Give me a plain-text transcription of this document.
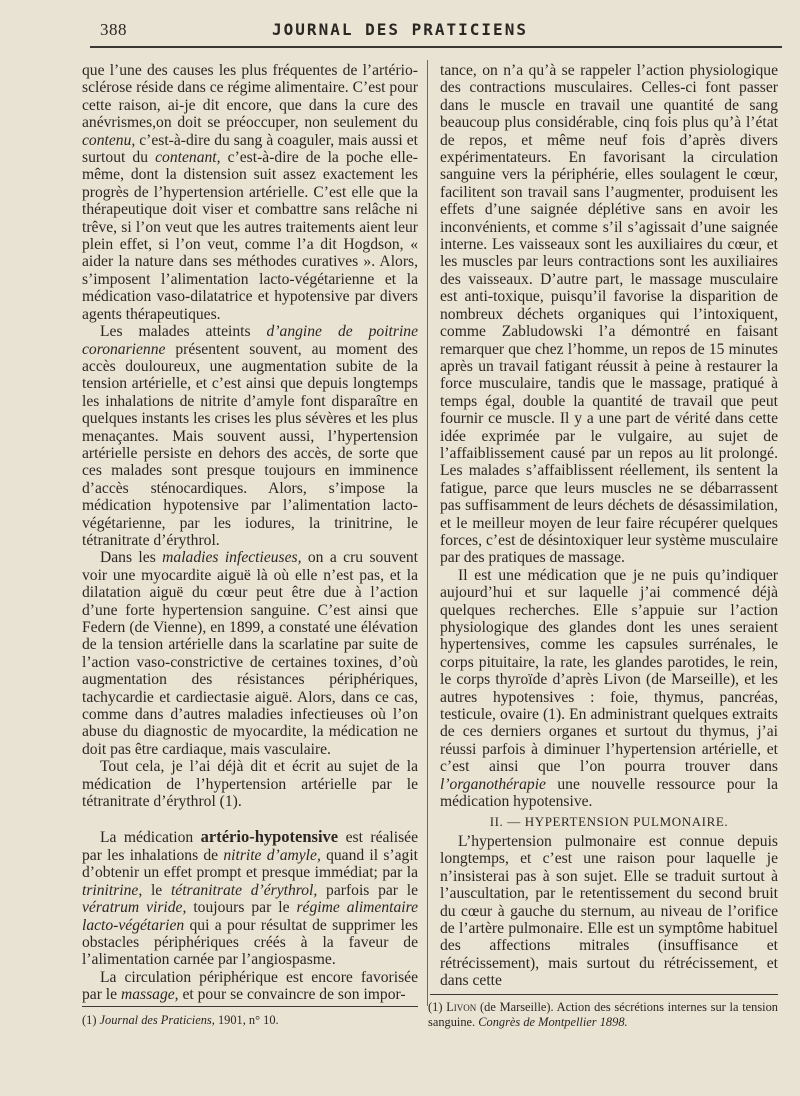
388	JOURNAL DES PRATICIENS

que l’une des causes les plus fréquentes de l’artério-sclérose réside dans ce régime alimentaire. C’est pour cette raison, ai-je dit encore, que dans la cure des anévrismes,on doit se préoccuper, non seulement du contenu, c’est-à-dire du sang à coaguler, mais aussi et surtout du contenant, c’est-à-dire de la poche elle-même, dont la distension suit assez exactement les progrès de l’hypertension artérielle. C’est elle que la thérapeutique doit viser et combattre sans relâche ni trêve, si l’on veut que les autres traitements aient leur plein effet, si l’on veut, comme l’a dit Hogdson, « aider la nature dans ses méthodes curatives ». Alors, s’imposent l’alimentation lacto-végétarienne et la médication vaso-dilatatrice et hypotensive par divers agents thérapeutiques.

Les malades atteints d’angine de poitrine coronarienne présentent souvent, au moment des accès douloureux, une augmentation subite de la tension artérielle, et c’est ainsi que depuis longtemps les inhalations de nitrite d’amyle font disparaître en quelques instants les crises les plus sévères et les plus menaçantes. Mais souvent aussi, l’hypertension artérielle persiste en dehors des accès, de sorte que ces malades sont presque toujours en imminence d’accès sténocardiques. Alors, s’impose la médication hypotensive par l’alimentation lacto-végétarienne, par les iodures, la trinitrine, le tétranitrate d’érythrol.

Dans les maladies infectieuses, on a cru souvent voir une myocardite aiguë là où elle n’est pas, et la dilatation aiguë du cœur peut être due à l’action d’une forte hypertension sanguine. C’est ainsi que Federn (de Vienne), en 1899, a constaté une élévation de la tension artérielle dans la scarlatine par suite de l’action vaso-constrictive de certaines toxines, d’où augmentation des résistances périphériques, tachycardie et cardiectasie aiguë. Alors, dans ce cas, comme dans d’autres maladies infectieuses où l’on abuse du diagnostic de myocardite, la médication ne doit pas être cardiaque, mais vasculaire.

Tout cela, je l’ai déjà dit et écrit au sujet de la médication de l’hypertension artérielle par le tétranitrate d’érythrol (1).

La médication artério-hypotensive est réalisée par les inhalations de nitrite d’amyle, quand il s’agit d’obtenir un effet prompt et presque immédiat; par la trinitrine, le tétranitrate d’érythrol, parfois par le vératrum viride, toujours par le régime alimentaire lacto-végétarien qui a pour résultat de supprimer les obstacles périphériques créés à la faveur de l’alimentation carnée par l’angiospasme.

La circulation périphérique est encore favorisée par le massage, et pour se convaincre de son impor-

tance, on n’a qu’à se rappeler l’action physiologique des contractions musculaires. Celles-ci font passer dans le muscle en travail une quantité de sang beaucoup plus considérable, cinq fois plus qu’à l’état de repos, et même neuf fois d’après divers expérimentateurs. En favorisant la circulation sanguine vers la périphérie, elles soulagent le cœur, facilitent son travail sans l’augmenter, produisent les effets d’une saignée déplétive sans en avoir les inconvénients, et comme s’il s’agissait d’une saignée interne. Les vaisseaux sont les auxiliaires du cœur, et les muscles par leurs contractions sont les auxiliaires des vaisseaux. D’autre part, le massage musculaire est anti-toxique, puisqu’il favorise la disparition de nombreux déchets organiques qui l’intoxiquent, comme Zabludowski l’a démontré en faisant remarquer que chez l’homme, un repos de 15 minutes après un travail fatigant réussit à peine à restaurer la force musculaire, tandis que le massage, pratiqué à temps égal, double la quantité de travail que peut fournir ce muscle. Il y a une part de vérité dans cette idée exprimée par le vulgaire, au sujet de l’affaiblissement causé par un repos au lit prolongé. Les malades s’affaiblissent réellement, ils sentent la fatigue, parce que leurs muscles ne se débarrassent pas suffisamment de leurs déchets de désassimilation, et le meilleur moyen de leur faire récupérer quelques forces, c’est de désintoxiquer leur système musculaire par des pratiques de massage.

Il est une médication que je ne puis qu’indiquer aujourd’hui et sur laquelle j’ai commencé déjà quelques recherches. Elle s’appuie sur l’action physiologique des glandes dont les unes seraient hypertensives, comme les capsules surrénales, le corps pituitaire, la rate, les glandes parotides, le rein, le corps thyroïde d’après Livon (de Marseille), et les autres hypotensives : foie, thymus, pancréas, testicule, ovaire (1). En administrant quelques extraits de ces derniers organes et surtout du thymus, j’ai réussi parfois à diminuer l’hypertension artérielle, et c’est ainsi que l’on pourra trouver dans l’organothérapie une nouvelle ressource pour la médication hypotensive.

II. — HYPERTENSION PULMONAIRE.

L’hypertension pulmonaire est connue depuis longtemps, et c’est une raison pour laquelle je n’insisterai pas à son sujet. Elle se traduit surtout à l’auscultation, par le retentissement du second bruit du cœur à gauche du sternum, au niveau de l’orifice de l’artère pulmonaire. Elle est un symptôme habituel des affections mitrales (insuffisance et rétrécissement), mais surtout du rétrécissement, et dans cette

(1) Journal des Praticiens, 1901, n° 10.
(1) Livon (de Marseille). Action des sécrétions internes sur la tension sanguine. Congrès de Montpellier 1898.
